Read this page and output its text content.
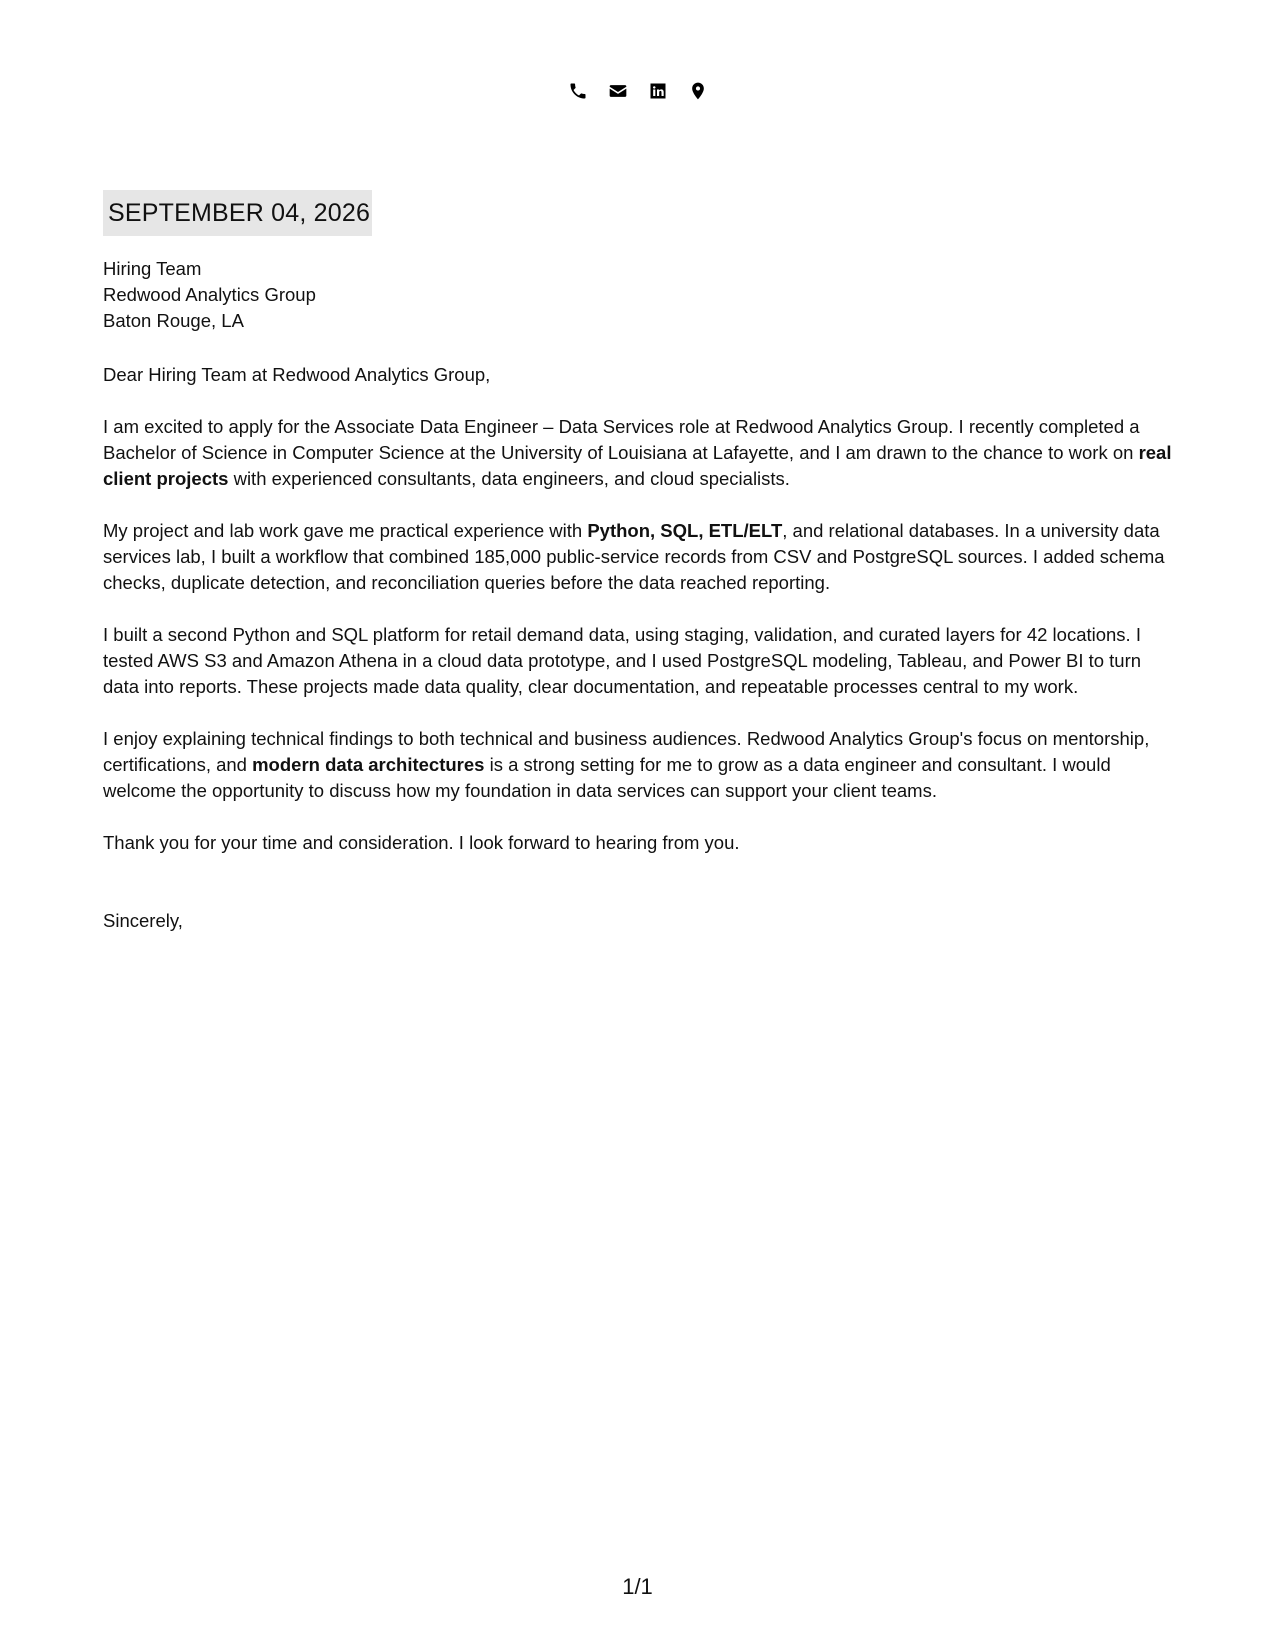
SEPTEMBER 04, 2026
Hiring Team
Redwood Analytics Group
Baton Rouge, LA
Dear Hiring Team at Redwood Analytics Group,
I am excited to apply for the Associate Data Engineer – Data Services role at Redwood Analytics Group. I recently completed a Bachelor of Science in Computer Science at the University of Louisiana at Lafayette, and I am drawn to the chance to work on real client projects with experienced consultants, data engineers, and cloud specialists.
My project and lab work gave me practical experience with Python, SQL, ETL/ELT, and relational databases. In a university data services lab, I built a workflow that combined 185,000 public-service records from CSV and PostgreSQL sources. I added schema checks, duplicate detection, and reconciliation queries before the data reached reporting.
I built a second Python and SQL platform for retail demand data, using staging, validation, and curated layers for 42 locations. I tested AWS S3 and Amazon Athena in a cloud data prototype, and I used PostgreSQL modeling, Tableau, and Power BI to turn data into reports. These projects made data quality, clear documentation, and repeatable processes central to my work.
I enjoy explaining technical findings to both technical and business audiences. Redwood Analytics Group's focus on mentorship, certifications, and modern data architectures is a strong setting for me to grow as a data engineer and consultant. I would welcome the opportunity to discuss how my foundation in data services can support your client teams.
Thank you for your time and consideration. I look forward to hearing from you.
Sincerely,
1/1
